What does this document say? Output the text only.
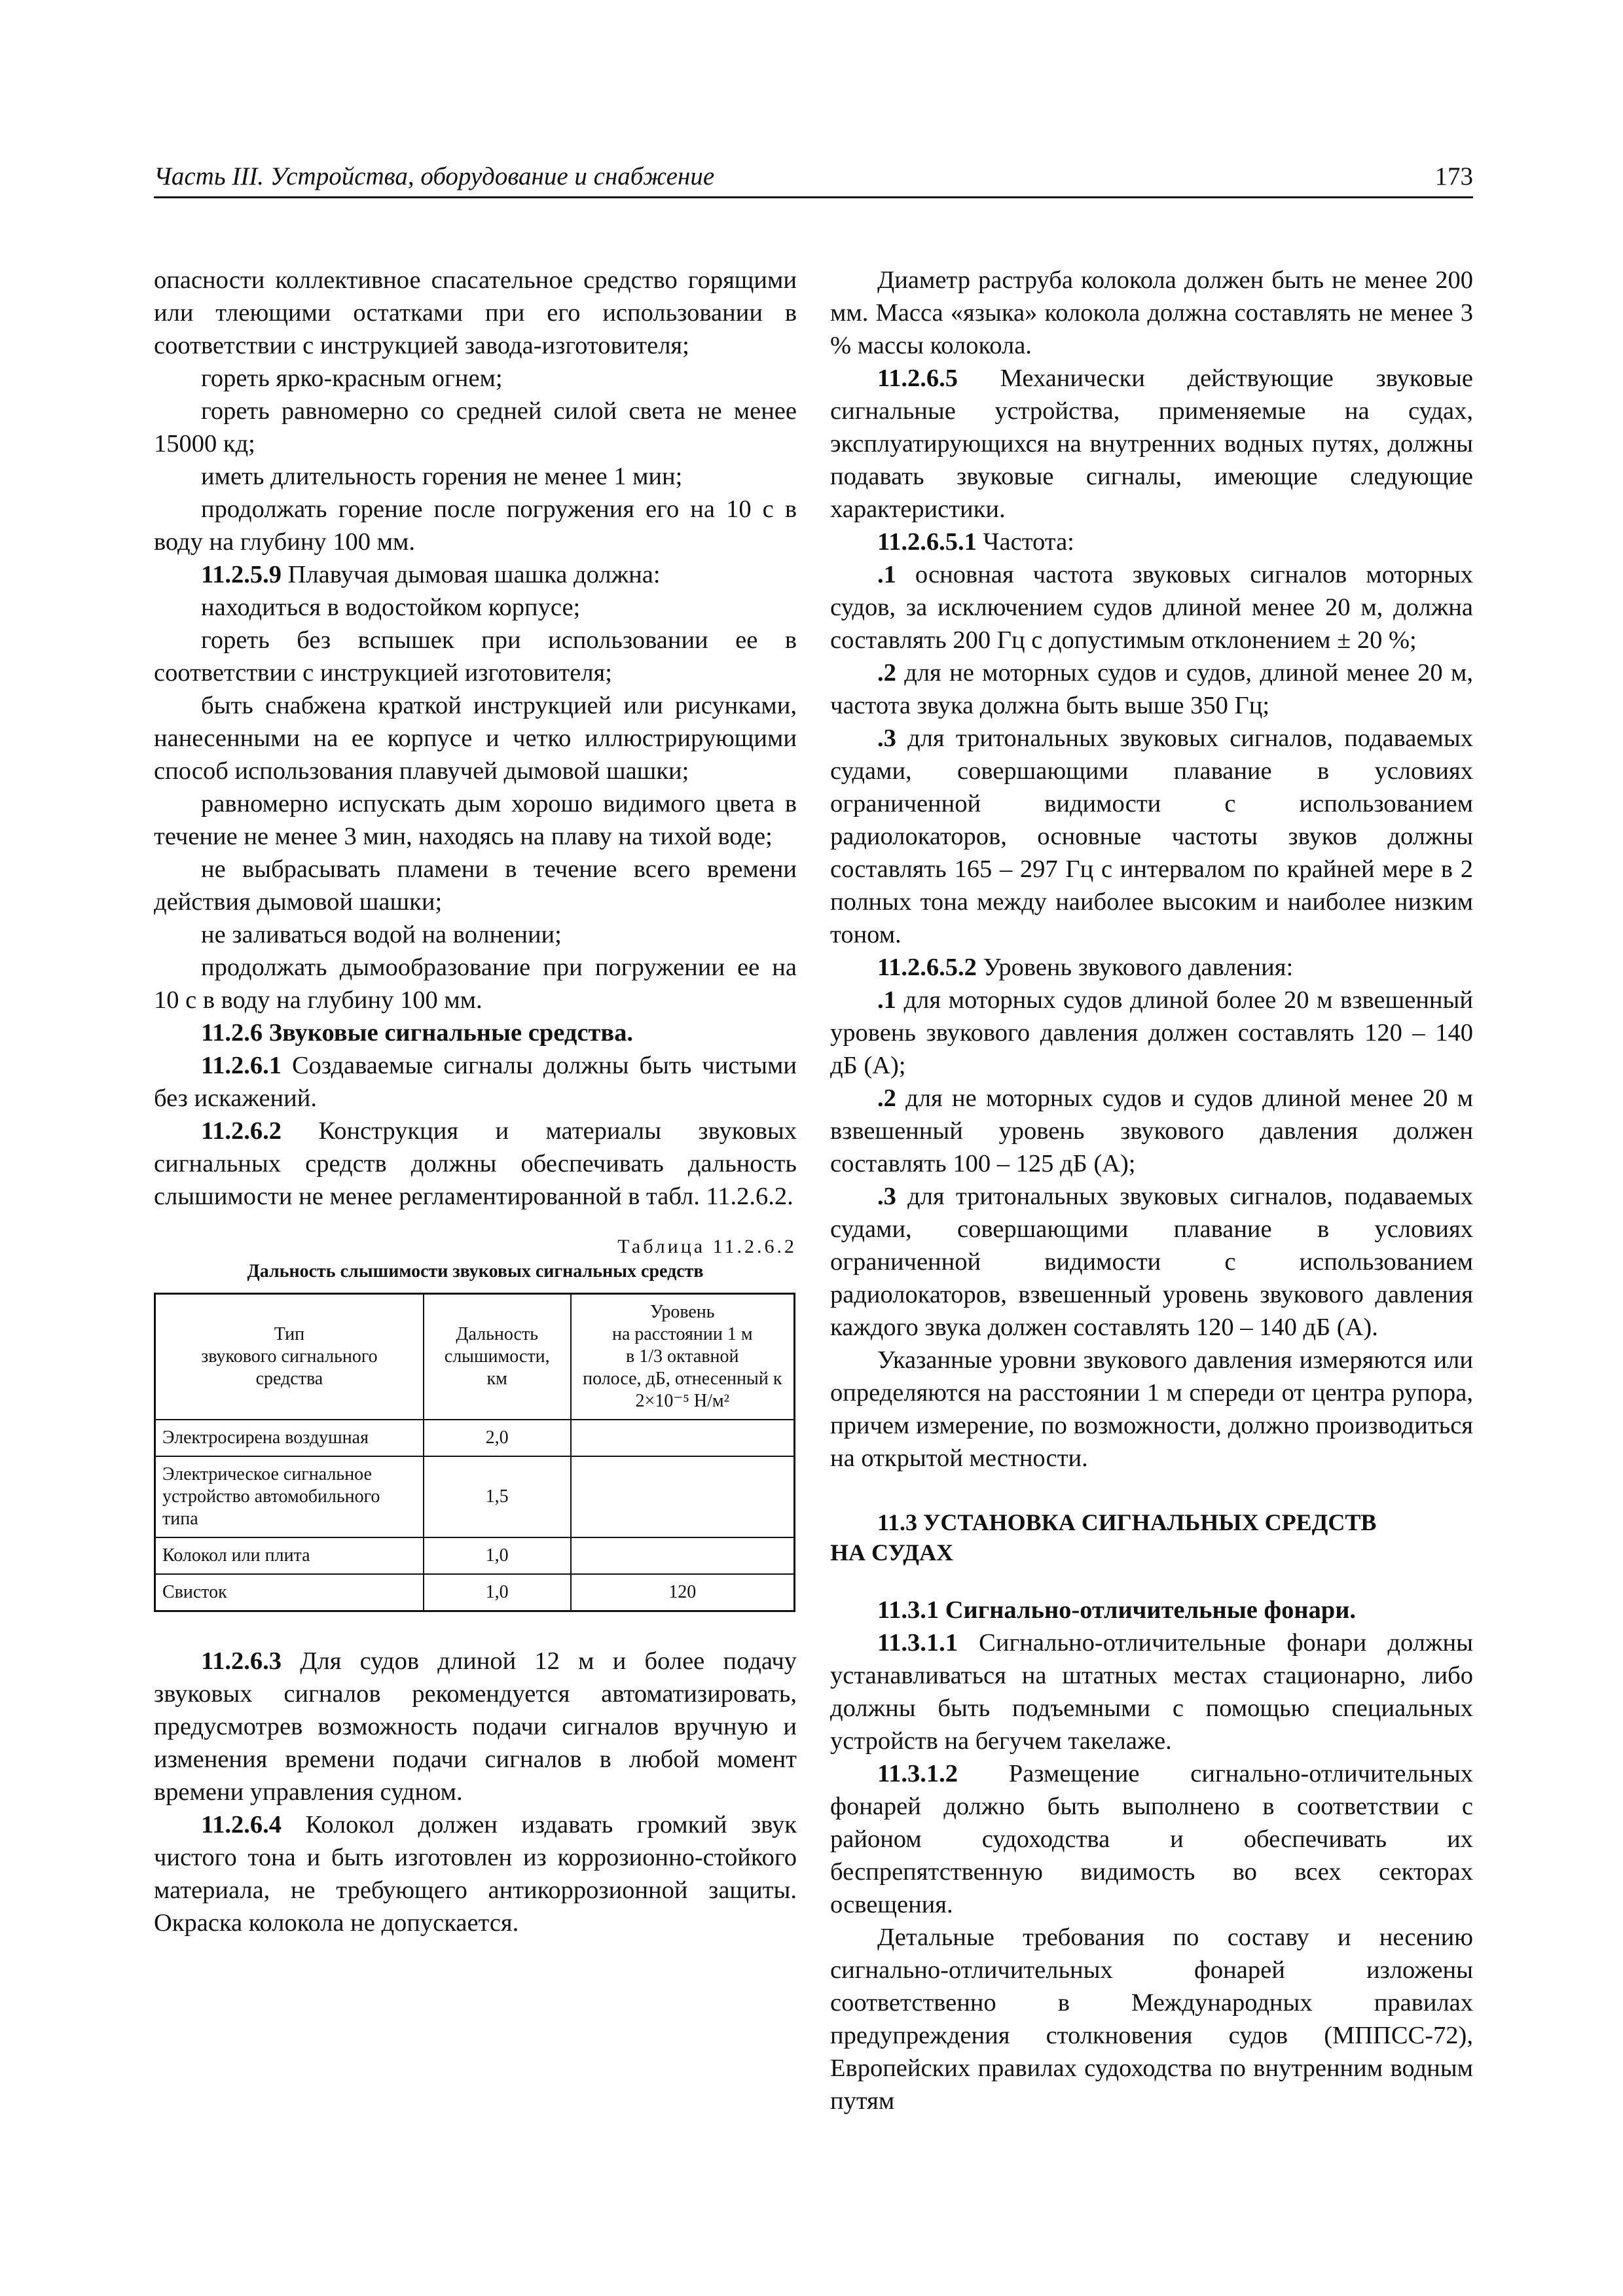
Часть III. Устройства, оборудование и снабжение	173

опасности коллективное спасательное средство горящими или тлеющими остатками при его использовании в соответствии с инструкцией завода-изготовителя;

гореть ярко-красным огнем;

гореть равномерно со средней силой света не менее 15000 кд;

иметь длительность горения не менее 1 мин;

продолжать горение после погружения его на 10 с в воду на глубину 100 мм.

11.2.5.9 Плавучая дымовая шашка должна:

находиться в водостойком корпусе;

гореть без вспышек при использовании ее в соответствии с инструкцией изготовителя;

быть снабжена краткой инструкцией или рисунками, нанесенными на ее корпусе и четко иллюстрирующими способ использования плавучей дымовой шашки;

равномерно испускать дым хорошо видимого цвета в течение не менее 3 мин, находясь на плаву на тихой воде;

не выбрасывать пламени в течение всего времени действия дымовой шашки;

не заливаться водой на волнении;

продолжать дымообразование при погружении ее на 10 с в воду на глубину 100 мм.

11.2.6 Звуковые сигнальные средства.

11.2.6.1 Создаваемые сигналы должны быть чистыми без искажений.

11.2.6.2 Конструкция и материалы звуковых сигнальных средств должны обеспечивать дальность слышимости не менее регламентированной в табл. 11.2.6.2.

Таблица 11.2.6.2
Дальность слышимости звуковых сигнальных средств
Тип
звукового сигнального
средства	Дальность
слышимости,
км	Уровень
на расстоянии 1 м
в 1/3 октавной
полосе, дБ, отнесенный к 2×10⁻⁵ Н/м²
Электросирена воздушная	2,0	
Электрическое сигнальное устройство автомобильного типа	1,5	
Колокол или плита	1,0	
Свисток	1,0	120

11.2.6.3 Для судов длиной 12 м и более подачу звуковых сигналов рекомендуется автоматизировать, предусмотрев возможность подачи сигналов вручную и изменения времени подачи сигналов в любой момент времени управления судном.

11.2.6.4 Колокол должен издавать громкий звук чистого тона и быть изготовлен из коррозионно-стойкого материала, не требующего антикоррозионной защиты. Окраска колокола не допускается.

Диаметр раструба колокола должен быть не менее 200 мм. Масса «языка» колокола должна составлять не менее 3 % массы колокола.

11.2.6.5 Механически действующие звуковые сигнальные устройства, применяемые на судах, эксплуатирующихся на внутренних водных путях, должны подавать звуковые сигналы, имеющие следующие характеристики.

11.2.6.5.1 Частота:

.1 основная частота звуковых сигналов моторных судов, за исключением судов длиной менее 20 м, должна составлять 200 Гц с допустимым отклонением ± 20 %;

.2 для не моторных судов и судов, длиной менее 20 м, частота звука должна быть выше 350 Гц;

.3 для тритональных звуковых сигналов, подаваемых судами, совершающими плавание в условиях ограниченной видимости с использованием радиолокаторов, основные частоты звуков должны составлять 165 – 297 Гц с интервалом по крайней мере в 2 полных тона между наиболее высоким и наиболее низким тоном.

11.2.6.5.2 Уровень звукового давления:

.1 для моторных судов длиной более 20 м взвешенный уровень звукового давления должен составлять 120 – 140 дБ (А);

.2 для не моторных судов и судов длиной менее 20 м взвешенный уровень звукового давления должен составлять 100 – 125 дБ (А);

.3 для тритональных звуковых сигналов, подаваемых судами, совершающими плавание в условиях ограниченной видимости с использованием радиолокаторов, взвешенный уровень звукового давления каждого звука должен составлять 120 – 140 дБ (А).

Указанные уровни звукового давления измеряются или определяются на расстоянии 1 м спереди от центра рупора, причем измерение, по возможности, должно производиться на открытой местности.

11.3 УСТАНОВКА СИГНАЛЬНЫХ СРЕДСТВ
НА СУДАХ

11.3.1 Сигнально-отличительные фонари.

11.3.1.1 Сигнально-отличительные фонари должны устанавливаться на штатных местах стационарно, либо должны быть подъемными с помощью специальных устройств на бегучем такелаже.

11.3.1.2 Размещение сигнально-отличительных фонарей должно быть выполнено в соответствии с районом судоходства и обеспечивать их беспрепятственную видимость во всех секторах освещения.

Детальные требования по составу и несению сигнально-отличительных фонарей изложены соответственно в Международных правилах предупреждения столкновения судов (МППСС-72), Европейских правилах судоходства по внутренним водным путям
